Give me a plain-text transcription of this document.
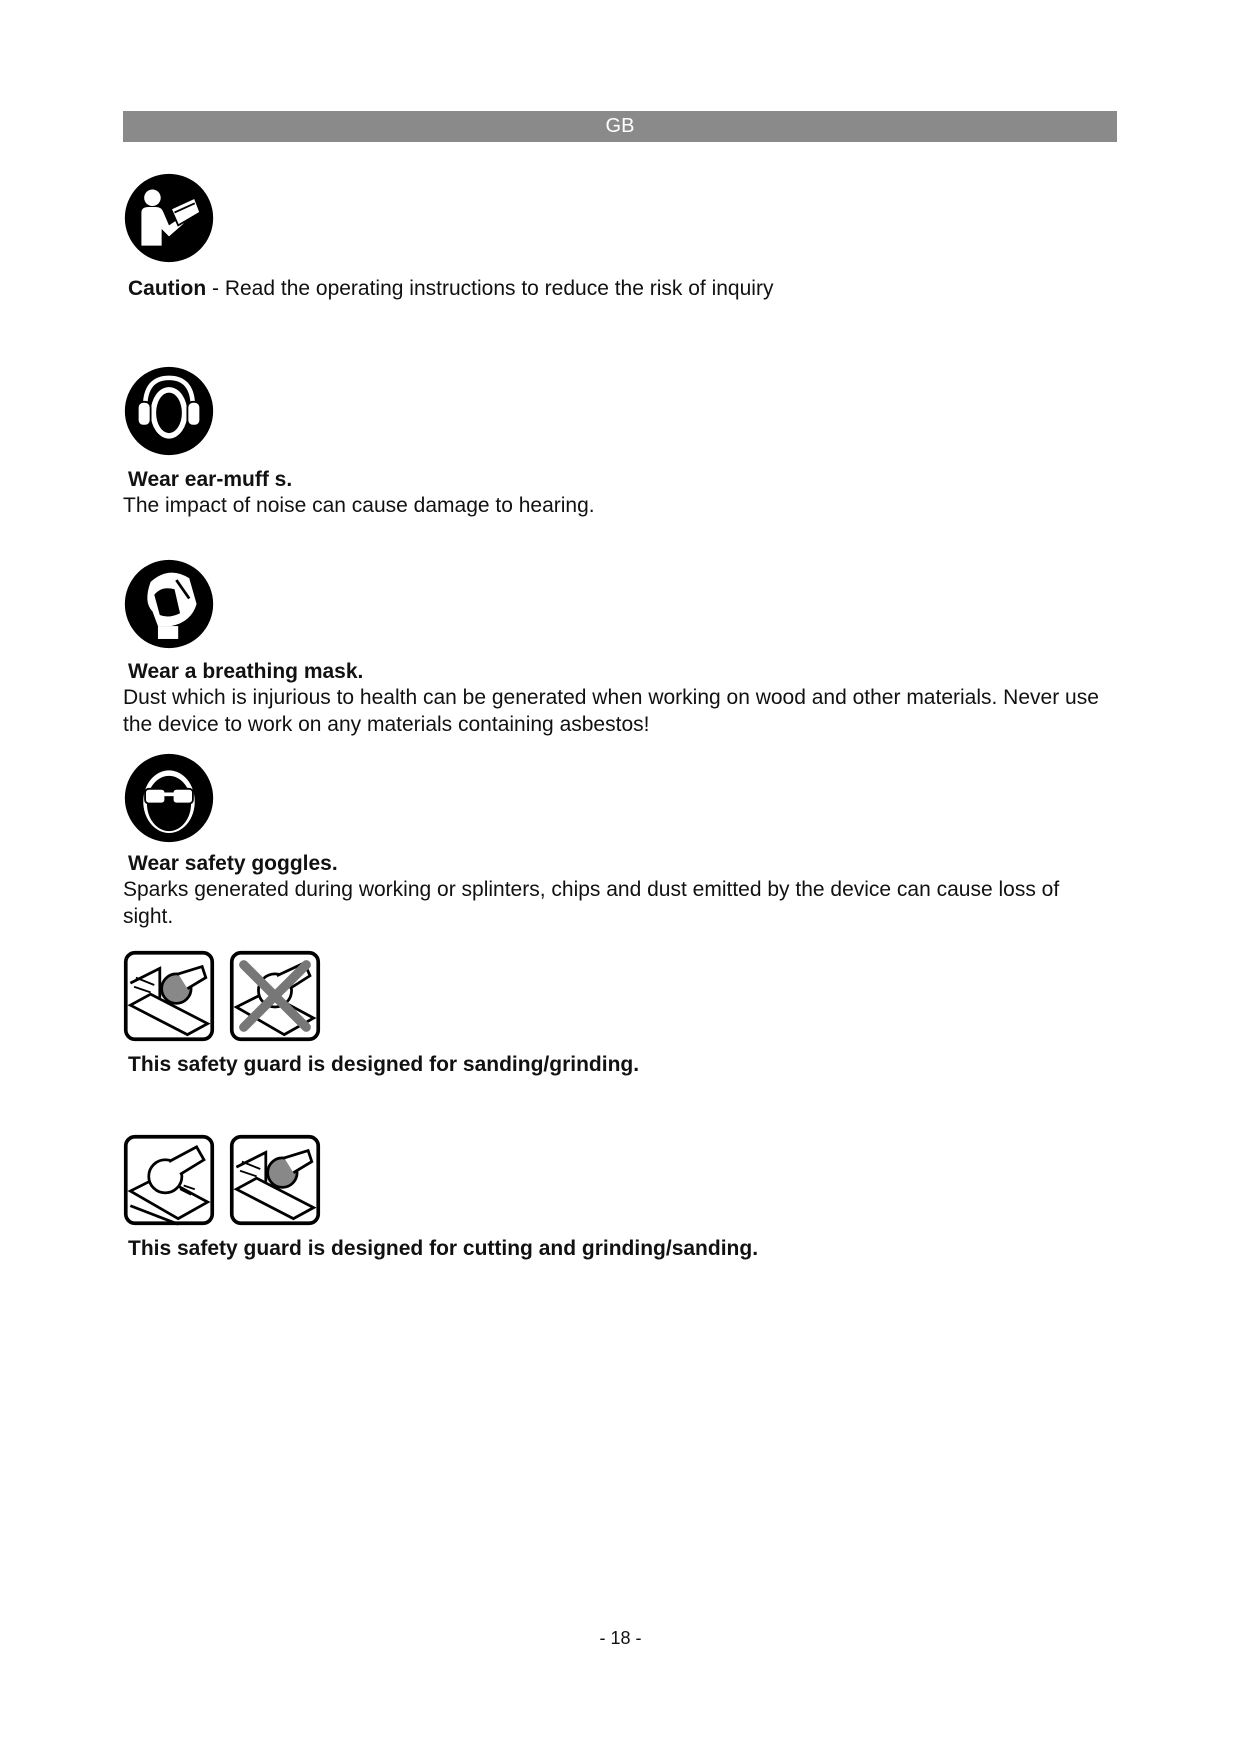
GB
Caution - Read the operating instructions to reduce the risk of inquiry
Wear ear-muff s.
The impact of noise can cause damage to hearing.
Wear a breathing mask.
Dust which is injurious to health can be generated when working on wood and other materials. Never use the device to work on any materials containing asbestos!
Wear safety goggles.
Sparks generated during working or splinters, chips and dust emitted by the device can cause loss of sight.
This safety guard is designed for sanding/grinding.
This safety guard is designed for cutting and grinding/sanding.
- 18 -
